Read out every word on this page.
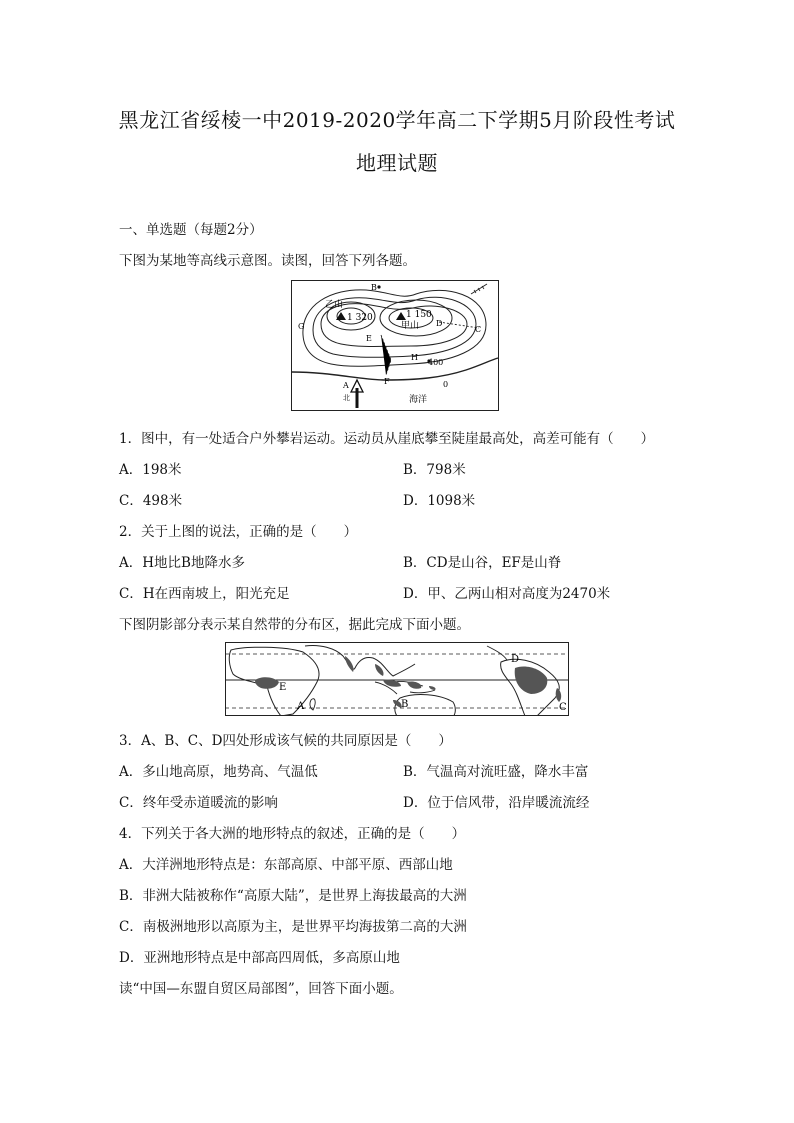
黑龙江省绥棱一中2019-2020学年高二下学期5月阶段性考试
地理试题
一、单选题（每题2分）
下图为某地等高线示意图。读图，回答下列各题。
乙山
1 320	1 150
甲山
400
0
海洋
A
B
C
D
E
F
G
H
北
1．图中，有一处适合户外攀岩运动。运动员从崖底攀至陡崖最高处，高差可能有（　　）
A．198米	B．798米
C．498米	D．1098米
2．关于上图的说法，正确的是（　　）
A．H地比B地降水多	B．CD是山谷，EF是山脊
C．H在西南坡上，阳光充足	D．甲、乙两山相对高度为2470米
下图阴影部分表示某自然带的分布区，据此完成下面小题。
A	B	C
D
E
3．A、B、C、D四处形成该气候的共同原因是（　　）
A．多山地高原，地势高、气温低	B．气温高对流旺盛，降水丰富
C．终年受赤道暖流的影响	D．位于信风带，沿岸暖流流经
4．下列关于各大洲的地形特点的叙述，正确的是（　　）
A．大洋洲地形特点是：东部高原、中部平原、西部山地
B．非洲大陆被称作“高原大陆”，是世界上海拔最高的大洲
C．南极洲地形以高原为主，是世界平均海拔第二高的大洲
D．亚洲地形特点是中部高四周低，多高原山地
读“中国—东盟自贸区局部图”，回答下面小题。
